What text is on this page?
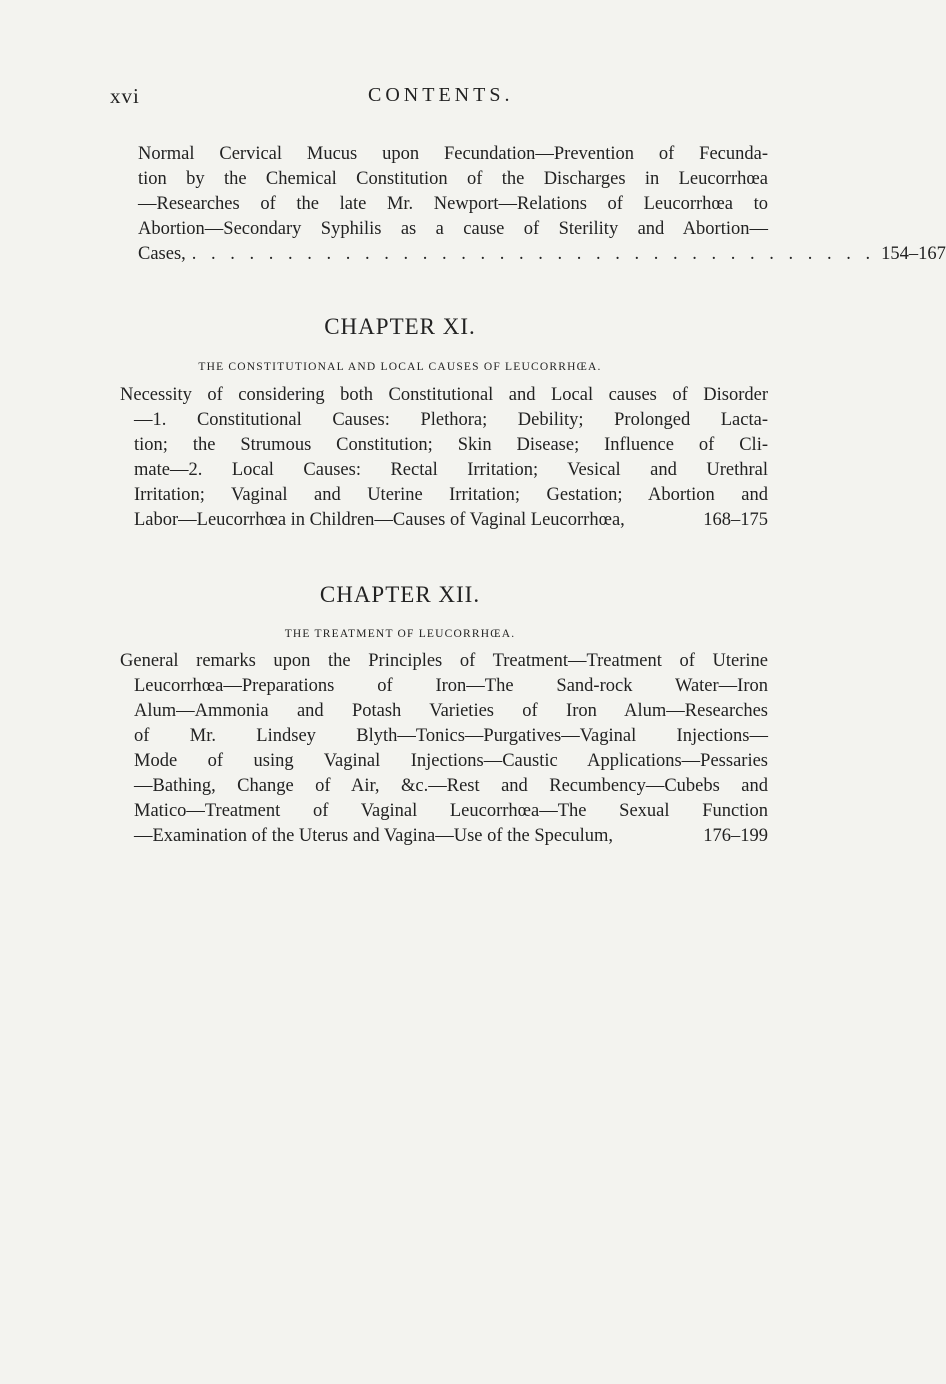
xvi	CONTENTS.
Normal Cervical Mucus upon Fecundation—Prevention of Fecunda-
tion by the Chemical Constitution of the Discharges in Leucorrhœa
—Researches of the late Mr. Newport—Relations of Leucorrhœa to
Abortion—Secondary Syphilis as a cause of Sterility and Abortion—
Cases, . . . . . . . . . . . . . . . . . . . . . . . . . . . . . . . . . . . . 154–167
CHAPTER XI.
THE CONSTITUTIONAL AND LOCAL CAUSES OF LEUCORRHŒA.
Necessity of considering both Constitutional and Local causes of Disorder
—1. Constitutional Causes: Plethora; Debility; Prolonged Lacta-
tion; the Strumous Constitution; Skin Disease; Influence of Cli-
mate—2. Local Causes: Rectal Irritation; Vesical and Urethral
Irritation; Vaginal and Uterine Irritation; Gestation; Abortion and
Labor—Leucorrhœa in Children—Causes of Vaginal Leucorrhœa,	168–175
CHAPTER XII.
THE TREATMENT OF LEUCORRHŒA.
General remarks upon the Principles of Treatment—Treatment of Uterine
Leucorrhœa—Preparations of Iron—The Sand-rock Water—Iron
Alum—Ammonia and Potash Varieties of Iron Alum—Researches
of Mr. Lindsey Blyth—Tonics—Purgatives—Vaginal Injections—
Mode of using Vaginal Injections—Caustic Applications—Pessaries
—Bathing, Change of Air, &c.—Rest and Recumbency—Cubebs and
Matico—Treatment of Vaginal Leucorrhœa—The Sexual Function
—Examination of the Uterus and Vagina—Use of the Speculum,	176–199
